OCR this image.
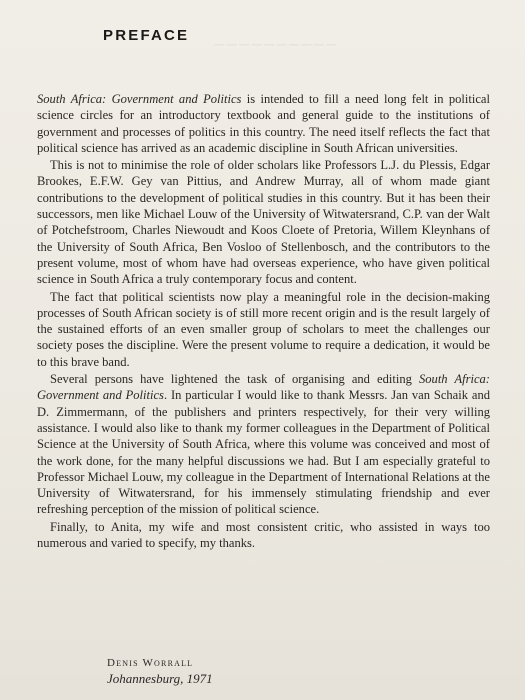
──────────
PREFACE

South Africa: Government and Politics is intended to fill a need long felt in political science circles for an introductory textbook and general guide to the institutions of government and processes of politics in this country. The need itself reflects the fact that political science has arrived as an academic discipline in South African universities.

This is not to minimise the role of older scholars like Professors L.J. du Plessis, Edgar Brookes, E.F.W. Gey van Pittius, and Andrew Murray, all of whom made giant contributions to the development of political studies in this country. But it has been their successors, men like Michael Louw of the University of Witwatersrand, C.P. van der Walt of Potchefstroom, Charles Niewoudt and Koos Cloete of Pretoria, Willem Kleynhans of the University of South Africa, Ben Vosloo of Stellenbosch, and the contributors to the present volume, most of whom have had overseas experience, who have given political science in South Africa a truly contemporary focus and content.

The fact that political scientists now play a meaningful role in the decision-making processes of South African society is of still more recent origin and is the result largely of the sustained efforts of an even smaller group of scholars to meet the challenges our society poses the discipline. Were the present volume to require a dedication, it would be to this brave band.

Several persons have lightened the task of organising and editing South Africa: Government and Politics. In particular I would like to thank Messrs. Jan van Schaik and D. Zimmermann, of the publishers and printers respectively, for their very willing assistance. I would also like to thank my former colleagues in the Department of Political Science at the University of South Africa, where this volume was conceived and most of the work done, for the many helpful discussions we had. But I am especially grateful to Professor Michael Louw, my colleague in the Department of International Relations at the University of Witwatersrand, for his immensely stimulating friendship and ever refreshing perception of the mission of political science.

Finally, to Anita, my wife and most consistent critic, who assisted in ways too numerous and varied to specify, my thanks.

Denis Worrall
Johannesburg, 1971
